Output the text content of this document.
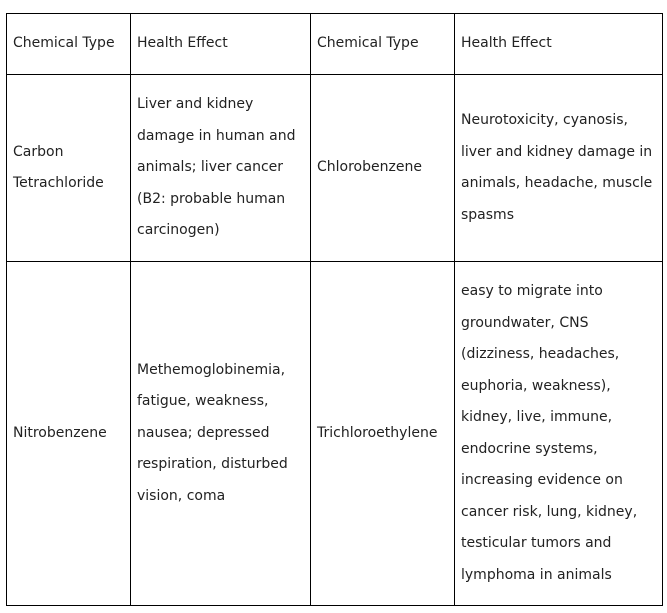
Chemical Type	Health Effect	Chemical Type	Health Effect
Carbon Tetrachloride	Liver and kidney damage in human and animals; liver cancer (B2: probable human carcinogen)	Chlorobenzene	Neurotoxicity, cyanosis, liver and kidney damage in animals, headache, muscle spasms
Nitrobenzene	Methemoglobinemia, fatigue, weakness, nausea; depressed respiration, disturbed vision, coma	Trichloroethylene	easy to migrate into groundwater, CNS (dizziness, headaches, euphoria, weakness), kidney, live, immune, endocrine systems, increasing evidence on cancer risk, lung, kidney, testicular tumors and lymphoma in animals
